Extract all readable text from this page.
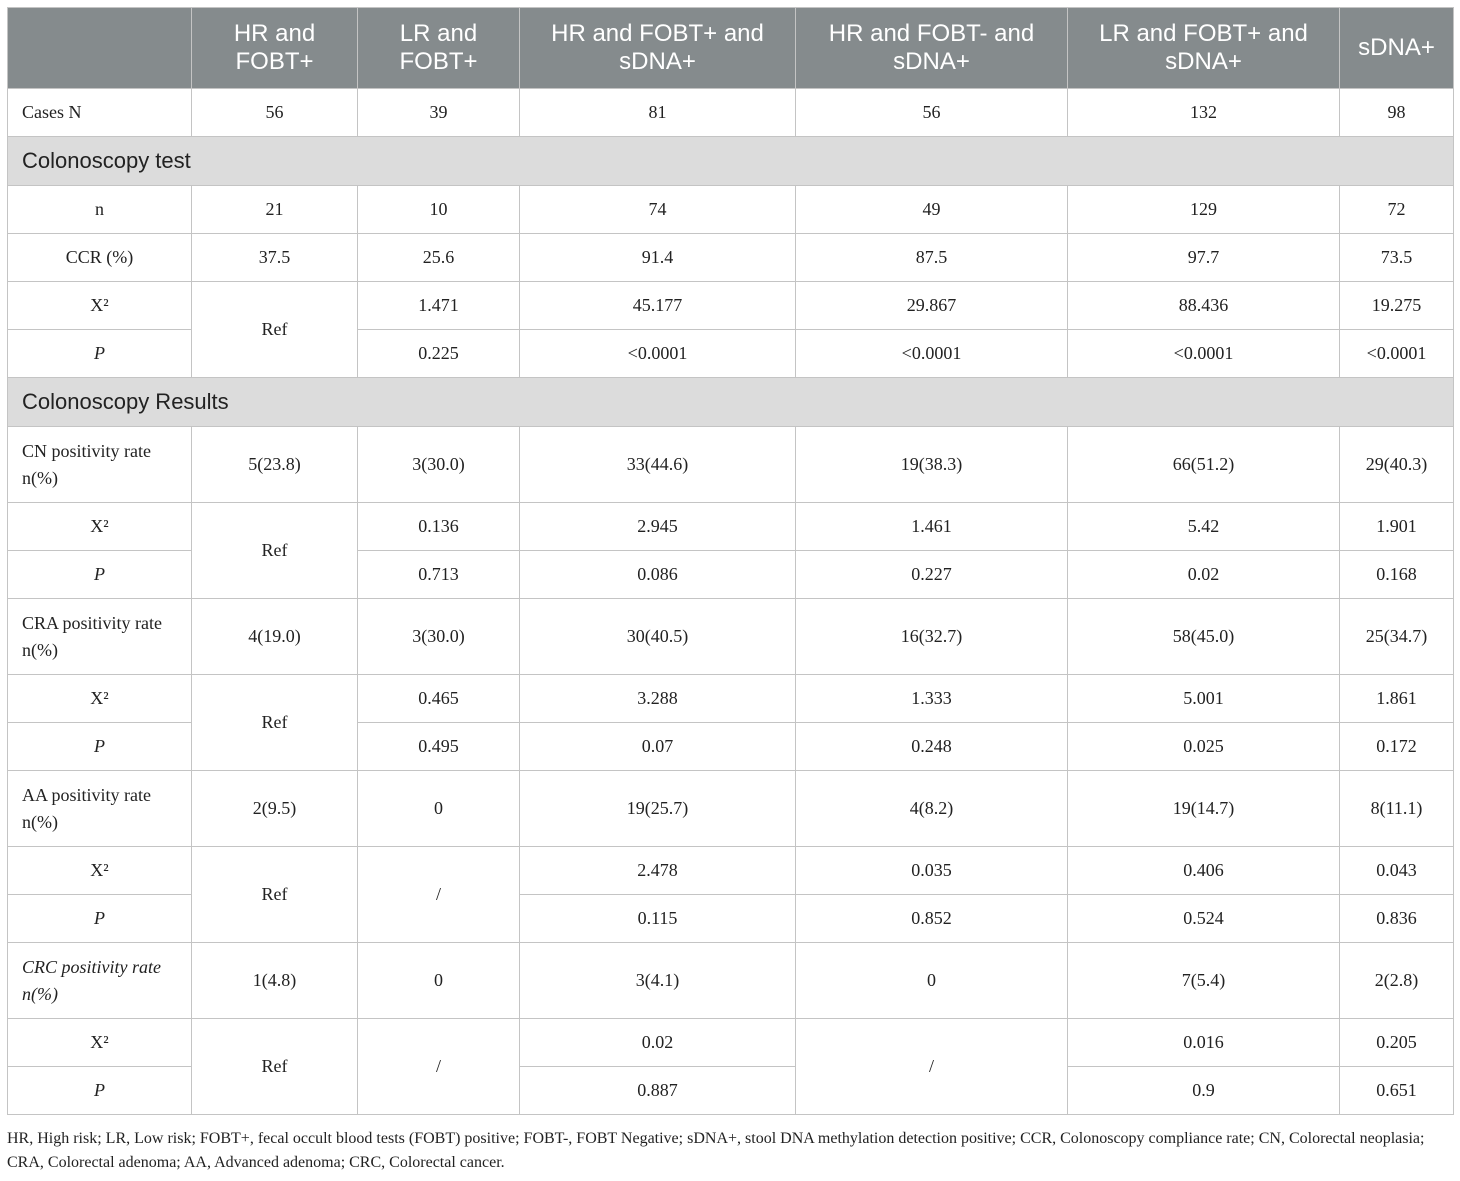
	HR and FOBT+	LR and FOBT+	HR and FOBT+ and sDNA+	HR and FOBT- and sDNA+	LR and FOBT+ and sDNA+	sDNA+
Cases N	56	39	81	56	132	98
Colonoscopy test						
n	21	10	74	49	129	72
CCR (%)	37.5	25.6	91.4	87.5	97.7	73.5
X²	Ref	1.471	45.177	29.867	88.436	19.275
P		0.225	<0.0001	<0.0001	<0.0001	<0.0001
Colonoscopy Results						
CN positivity rate n(%)	5(23.8)	3(30.0)	33(44.6)	19(38.3)	66(51.2)	29(40.3)
X²	Ref	0.136	2.945	1.461	5.42	1.901
P		0.713	0.086	0.227	0.02	0.168
CRA positivity rate n(%)	4(19.0)	3(30.0)	30(40.5)	16(32.7)	58(45.0)	25(34.7)
X²	Ref	0.465	3.288	1.333	5.001	1.861
P		0.495	0.07	0.248	0.025	0.172
AA positivity rate n(%)	2(9.5)	0	19(25.7)	4(8.2)	19(14.7)	8(11.1)
X²	Ref	/	2.478	0.035	0.406	0.043
P			0.115	0.852	0.524	0.836
CRC positivity rate n(%)	1(4.8)	0	3(4.1)	0	7(5.4)	2(2.8)
X²	Ref	/	0.02	/	0.016	0.205
P			0.887		0.9	0.651

HR, High risk; LR, Low risk; FOBT+, fecal occult blood tests (FOBT) positive; FOBT-, FOBT Negative; sDNA+, stool DNA methylation detection positive; CCR, Colonoscopy compliance rate; CN, Colorectal neoplasia; CRA, Colorectal adenoma; AA, Advanced adenoma; CRC, Colorectal cancer.
